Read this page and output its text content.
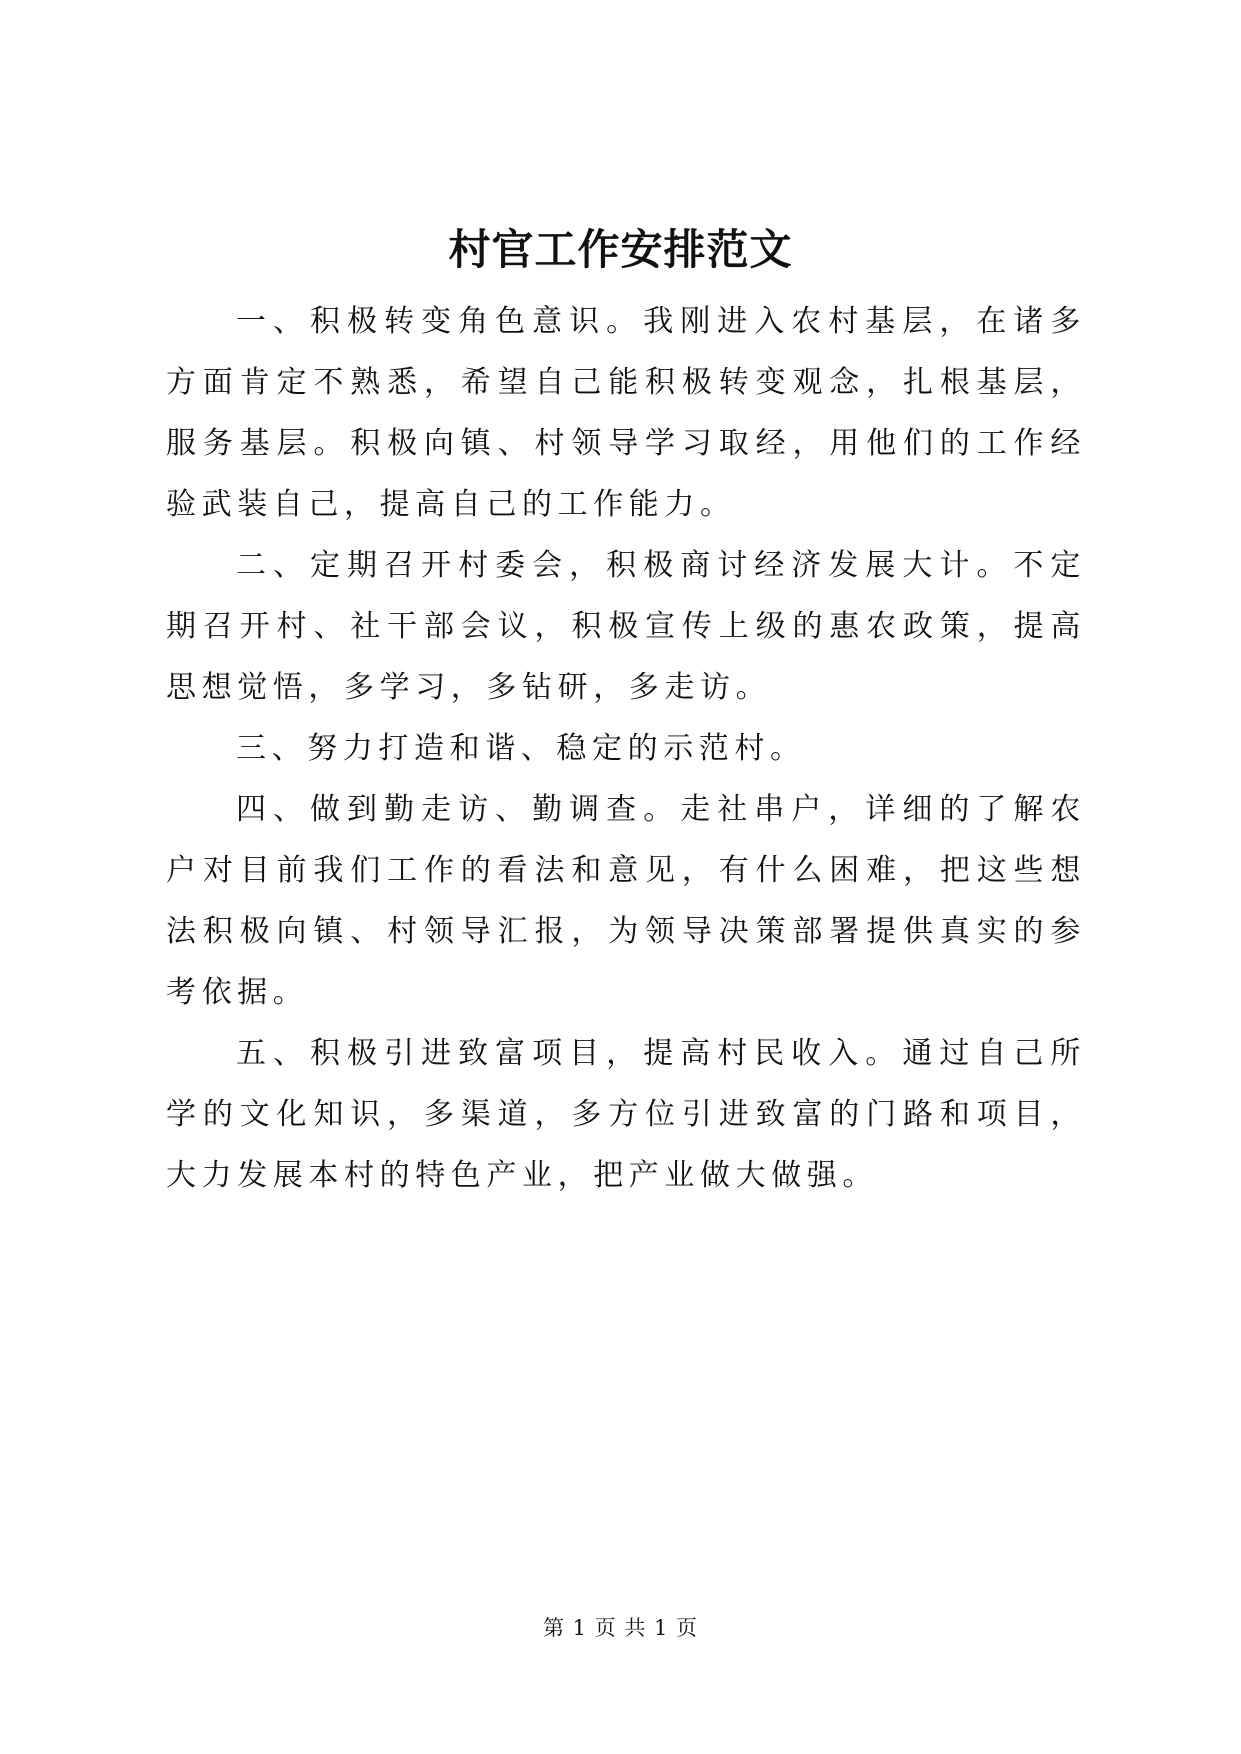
村官工作安排范文

一、积极转变角色意识。我刚进入农村基层，在诸多方面肯定不熟悉，希望自己能积极转变观念，扎根基层，服务基层。积极向镇、村领导学习取经，用他们的工作经验武装自己，提高自己的工作能力。

二、定期召开村委会，积极商讨经济发展大计。不定期召开村、社干部会议，积极宣传上级的惠农政策，提高思想觉悟，多学习，多钻研，多走访。

三、努力打造和谐、稳定的示范村。

四、做到勤走访、勤调查。走社串户，详细的了解农户对目前我们工作的看法和意见，有什么困难，把这些想法积极向镇、村领导汇报，为领导决策部署提供真实的参考依据。

五、积极引进致富项目，提高村民收入。通过自己所学的文化知识，多渠道，多方位引进致富的门路和项目，大力发展本村的特色产业，把产业做大做强。

第 1 页 共 1 页
